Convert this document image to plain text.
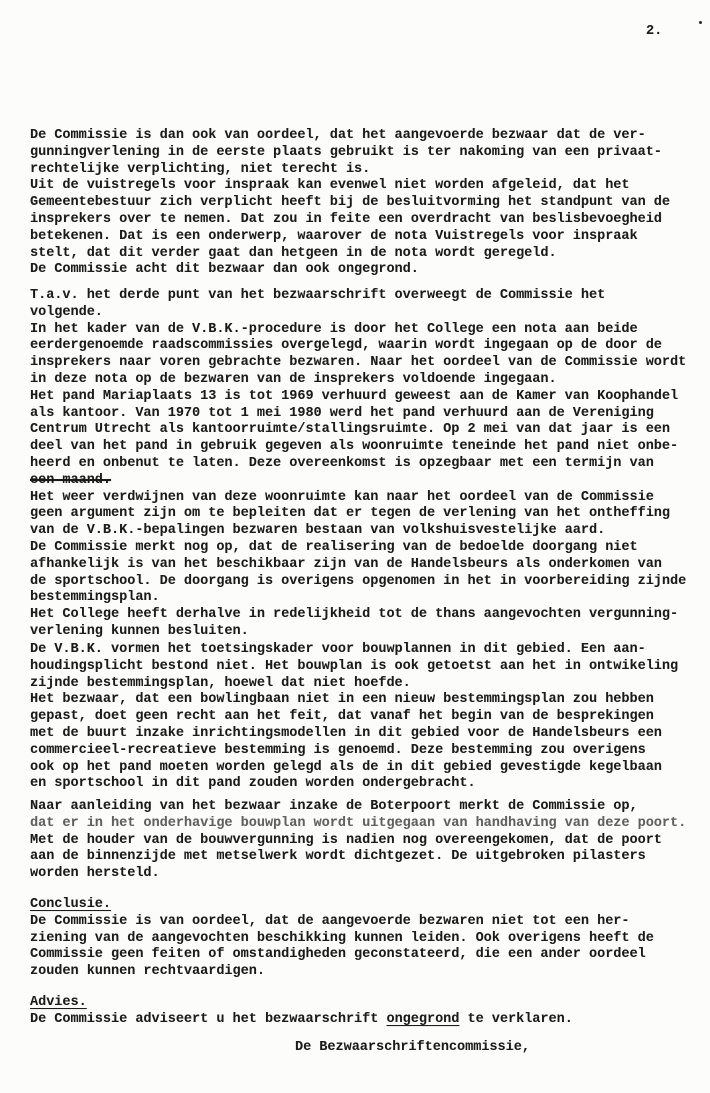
2.
De Commissie is dan ook van oordeel, dat het aangevoerde bezwaar dat de ver-
gunningverlening in de eerste plaats gebruikt is ter nakoming van een privaat-
rechtelijke verplichting, niet terecht is.
Uit de vuistregels voor inspraak kan evenwel niet worden afgeleid, dat het
Gemeentebestuur zich verplicht heeft bij de besluitvorming het standpunt van de
insprekers over te nemen. Dat zou in feite een overdracht van beslisbevoegheid
betekenen. Dat is een onderwerp, waarover de nota Vuistregels voor inspraak
stelt, dat dit verder gaat dan hetgeen in de nota wordt geregeld.
De Commissie acht dit bezwaar dan ook ongegrond.
T.a.v. het derde punt van het bezwaarschrift overweegt de Commissie het
volgende.
In het kader van de V.B.K.-procedure is door het College een nota aan beide
eerdergenoemde raadscommissies overgelegd, waarin wordt ingegaan op de door de
insprekers naar voren gebrachte bezwaren. Naar het oordeel van de Commissie wordt
in deze nota op de bezwaren van de insprekers voldoende ingegaan.
Het pand Mariaplaats 13 is tot 1969 verhuurd geweest aan de Kamer van Koophandel
als kantoor. Van 1970 tot 1 mei 1980 werd het pand verhuurd aan de Vereniging
Centrum Utrecht als kantoorruimte/stallingsruimte. Op 2 mei van dat jaar is een
deel van het pand in gebruik gegeven als woonruimte teneinde het pand niet onbe-
heerd en onbenut te laten. Deze overeenkomst is opzegbaar met een termijn van
een maand.
Het weer verdwijnen van deze woonruimte kan naar het oordeel van de Commissie
geen argument zijn om te bepleiten dat er tegen de verlening van het ontheffing
van de V.B.K.-bepalingen bezwaren bestaan van volkshuisvestelijke aard.
De Commissie merkt nog op, dat de realisering van de bedoelde doorgang niet
afhankelijk is van het beschikbaar zijn van de Handelsbeurs als onderkomen van
de sportschool. De doorgang is overigens opgenomen in het in voorbereiding zijnde
bestemmingsplan.
Het College heeft derhalve in redelijkheid tot de thans aangevochten vergunning-
verlening kunnen besluiten.
De V.B.K. vormen het toetsingskader voor bouwplannen in dit gebied. Een aan-
houdingsplicht bestond niet. Het bouwplan is ook getoetst aan het in ontwikeling
zijnde bestemmingsplan, hoewel dat niet hoefde.
Het bezwaar, dat een bowlingbaan niet in een nieuw bestemmingsplan zou hebben
gepast, doet geen recht aan het feit, dat vanaf het begin van de besprekingen
met de buurt inzake inrichtingsmodellen in dit gebied voor de Handelsbeurs een
commercieel-recreatieve bestemming is genoemd. Deze bestemming zou overigens
ook op het pand moeten worden gelegd als de in dit gebied gevestigde kegelbaan
en sportschool in dit pand zouden worden ondergebracht.
Naar aanleiding van het bezwaar inzake de Boterpoort merkt de Commissie op,
dat er in het onderhavige bouwplan wordt uitgegaan van handhaving van deze poort.
Met de houder van de bouwvergunning is nadien nog overeengekomen, dat de poort
aan de binnenzijde met metselwerk wordt dichtgezet. De uitgebroken pilasters
worden hersteld.
Conclusie.
De Commissie is van oordeel, dat de aangevoerde bezwaren niet tot een her-
ziening van de aangevochten beschikking kunnen leiden. Ook overigens heeft de
Commissie geen feiten of omstandigheden geconstateerd, die een ander oordeel
zouden kunnen rechtvaardigen.
Advies.
De Commissie adviseert u het bezwaarschrift ongegrond te verklaren.
De Bezwaarschriftencommissie,
